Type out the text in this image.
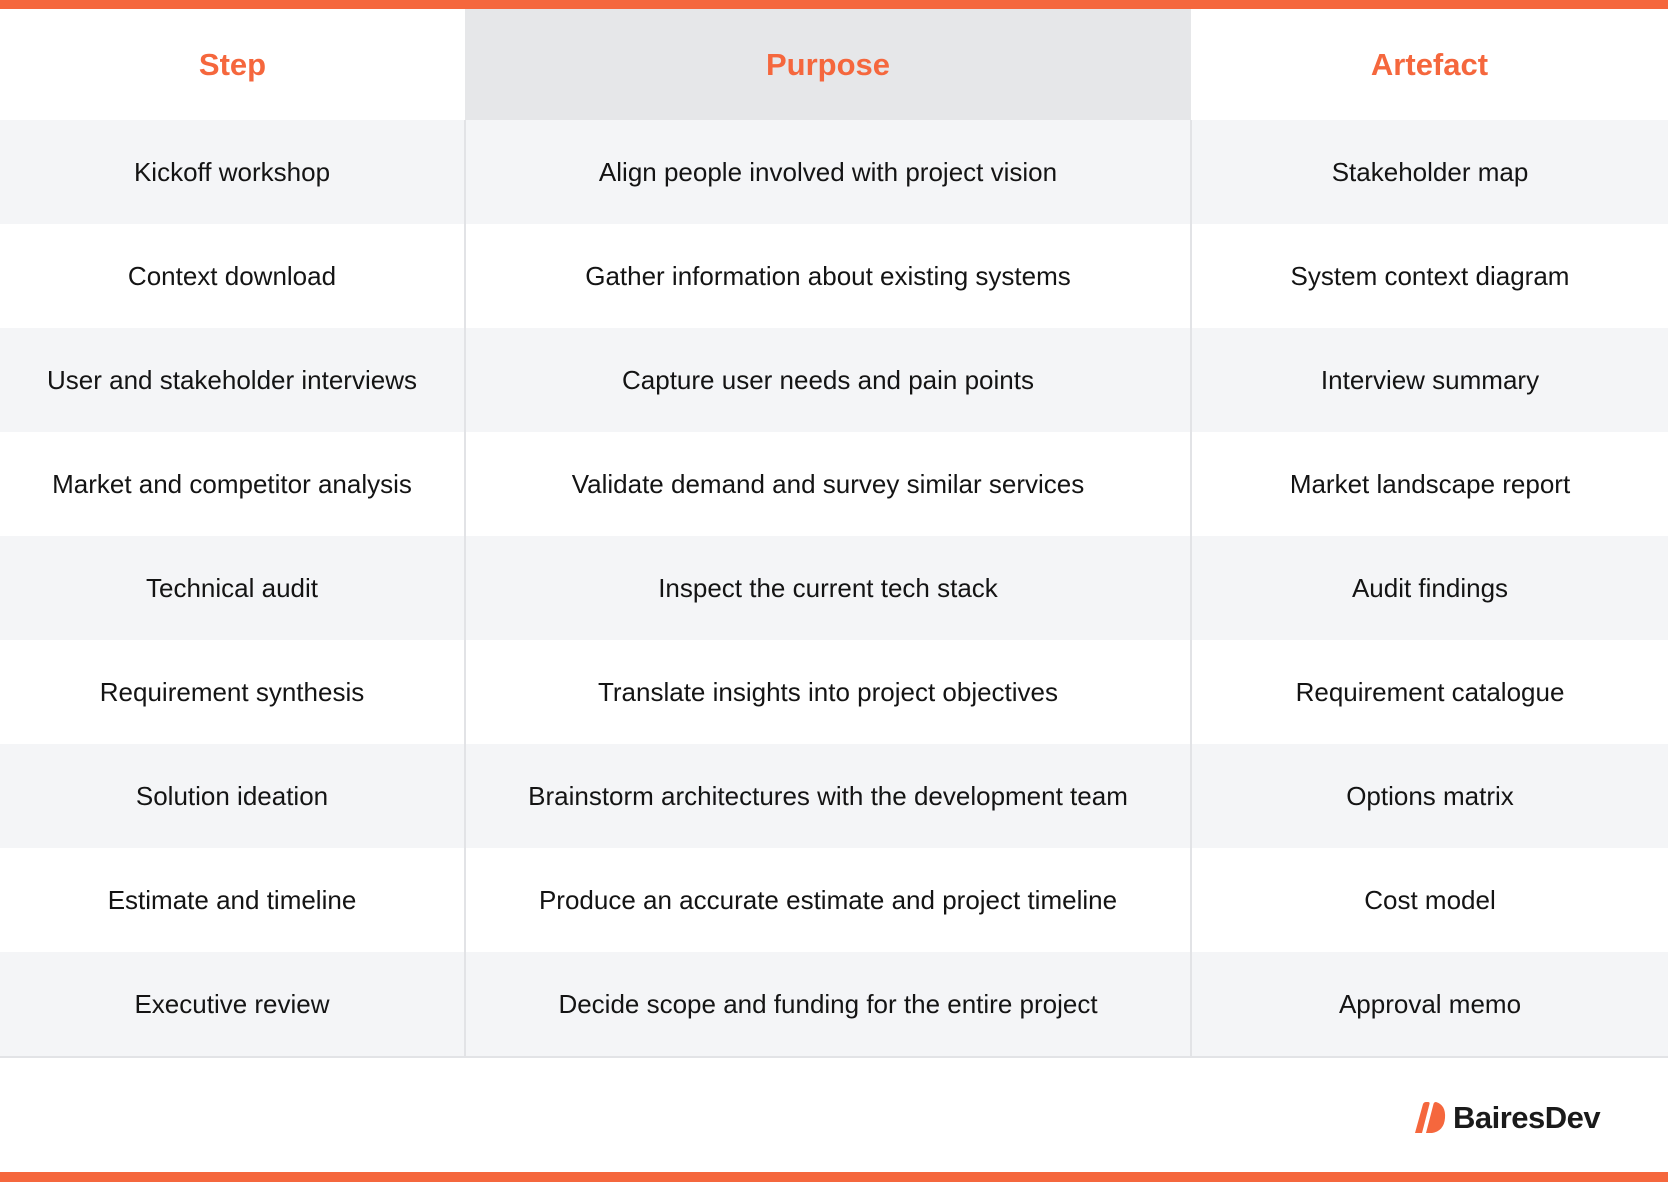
Step	Purpose	Artefact
Kickoff workshop	Align people involved with project vision	Stakeholder map
Context download	Gather information about existing systems	System context diagram
User and stakeholder interviews	Capture user needs and pain points	Interview summary
Market and competitor analysis	Validate demand and survey similar services	Market landscape report
Technical audit	Inspect the current tech stack	Audit findings
Requirement synthesis	Translate insights into project objectives	Requirement catalogue
Solution ideation	Brainstorm architectures with the development team	Options matrix
Estimate and timeline	Produce an accurate estimate and project timeline	Cost model
Executive review	Decide scope and funding for the entire project	Approval memo
BairesDev
